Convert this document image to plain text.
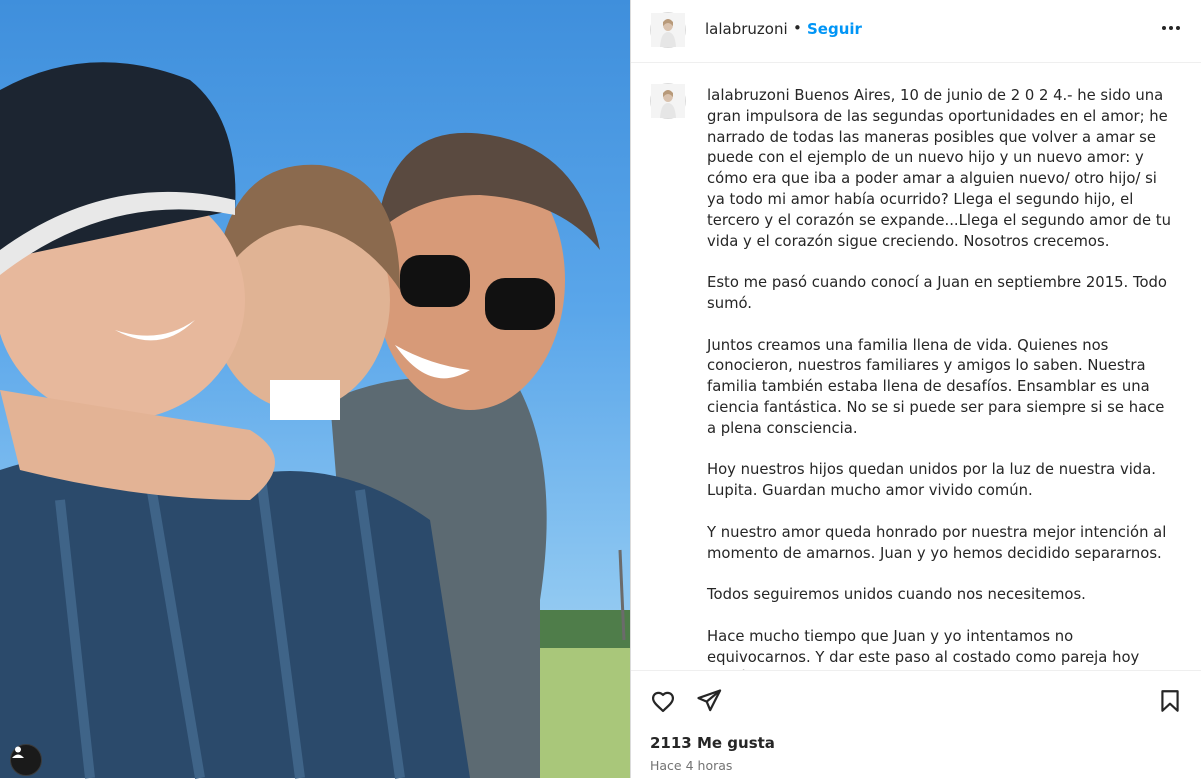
lalabruzoni • Seguir

lalabruzoni Buenos Aires, 10 de junio de 2 0 2 4.- he sido una gran impulsora de las segundas oportunidades en el amor; he narrado de todas las maneras posibles que volver a amar se puede con el ejemplo de un nuevo hijo y un nuevo amor: y cómo era que iba a poder amar a alguien nuevo/ otro hijo/ si ya todo mi amor había ocurrido? Llega el segundo hijo, el tercero y el corazón se expande...Llega el segundo amor de tu vida y el corazón sigue creciendo. Nosotros crecemos.

Esto me pasó cuando conocí a Juan en septiembre 2015. Todo sumó.

Juntos creamos una familia llena de vida. Quienes nos conocieron, nuestros familiares y amigos lo saben. Nuestra familia también estaba llena de desafíos. Ensamblar es una ciencia fantástica. No se si puede ser para siempre si se hace a plena consciencia.

Hoy nuestros hijos quedan unidos por la luz de nuestra vida. Lupita. Guardan mucho amor vivido común.

Y nuestro amor queda honrado por nuestra mejor intención al momento de amarnos. Juan y yo hemos decidido separarnos.

Todos seguiremos unidos cuando nos necesitemos.

Hace mucho tiempo que Juan y yo intentamos no equivocarnos. Y dar este paso al costado como pareja hoy

2113 Me gusta
Hace 4 horas
